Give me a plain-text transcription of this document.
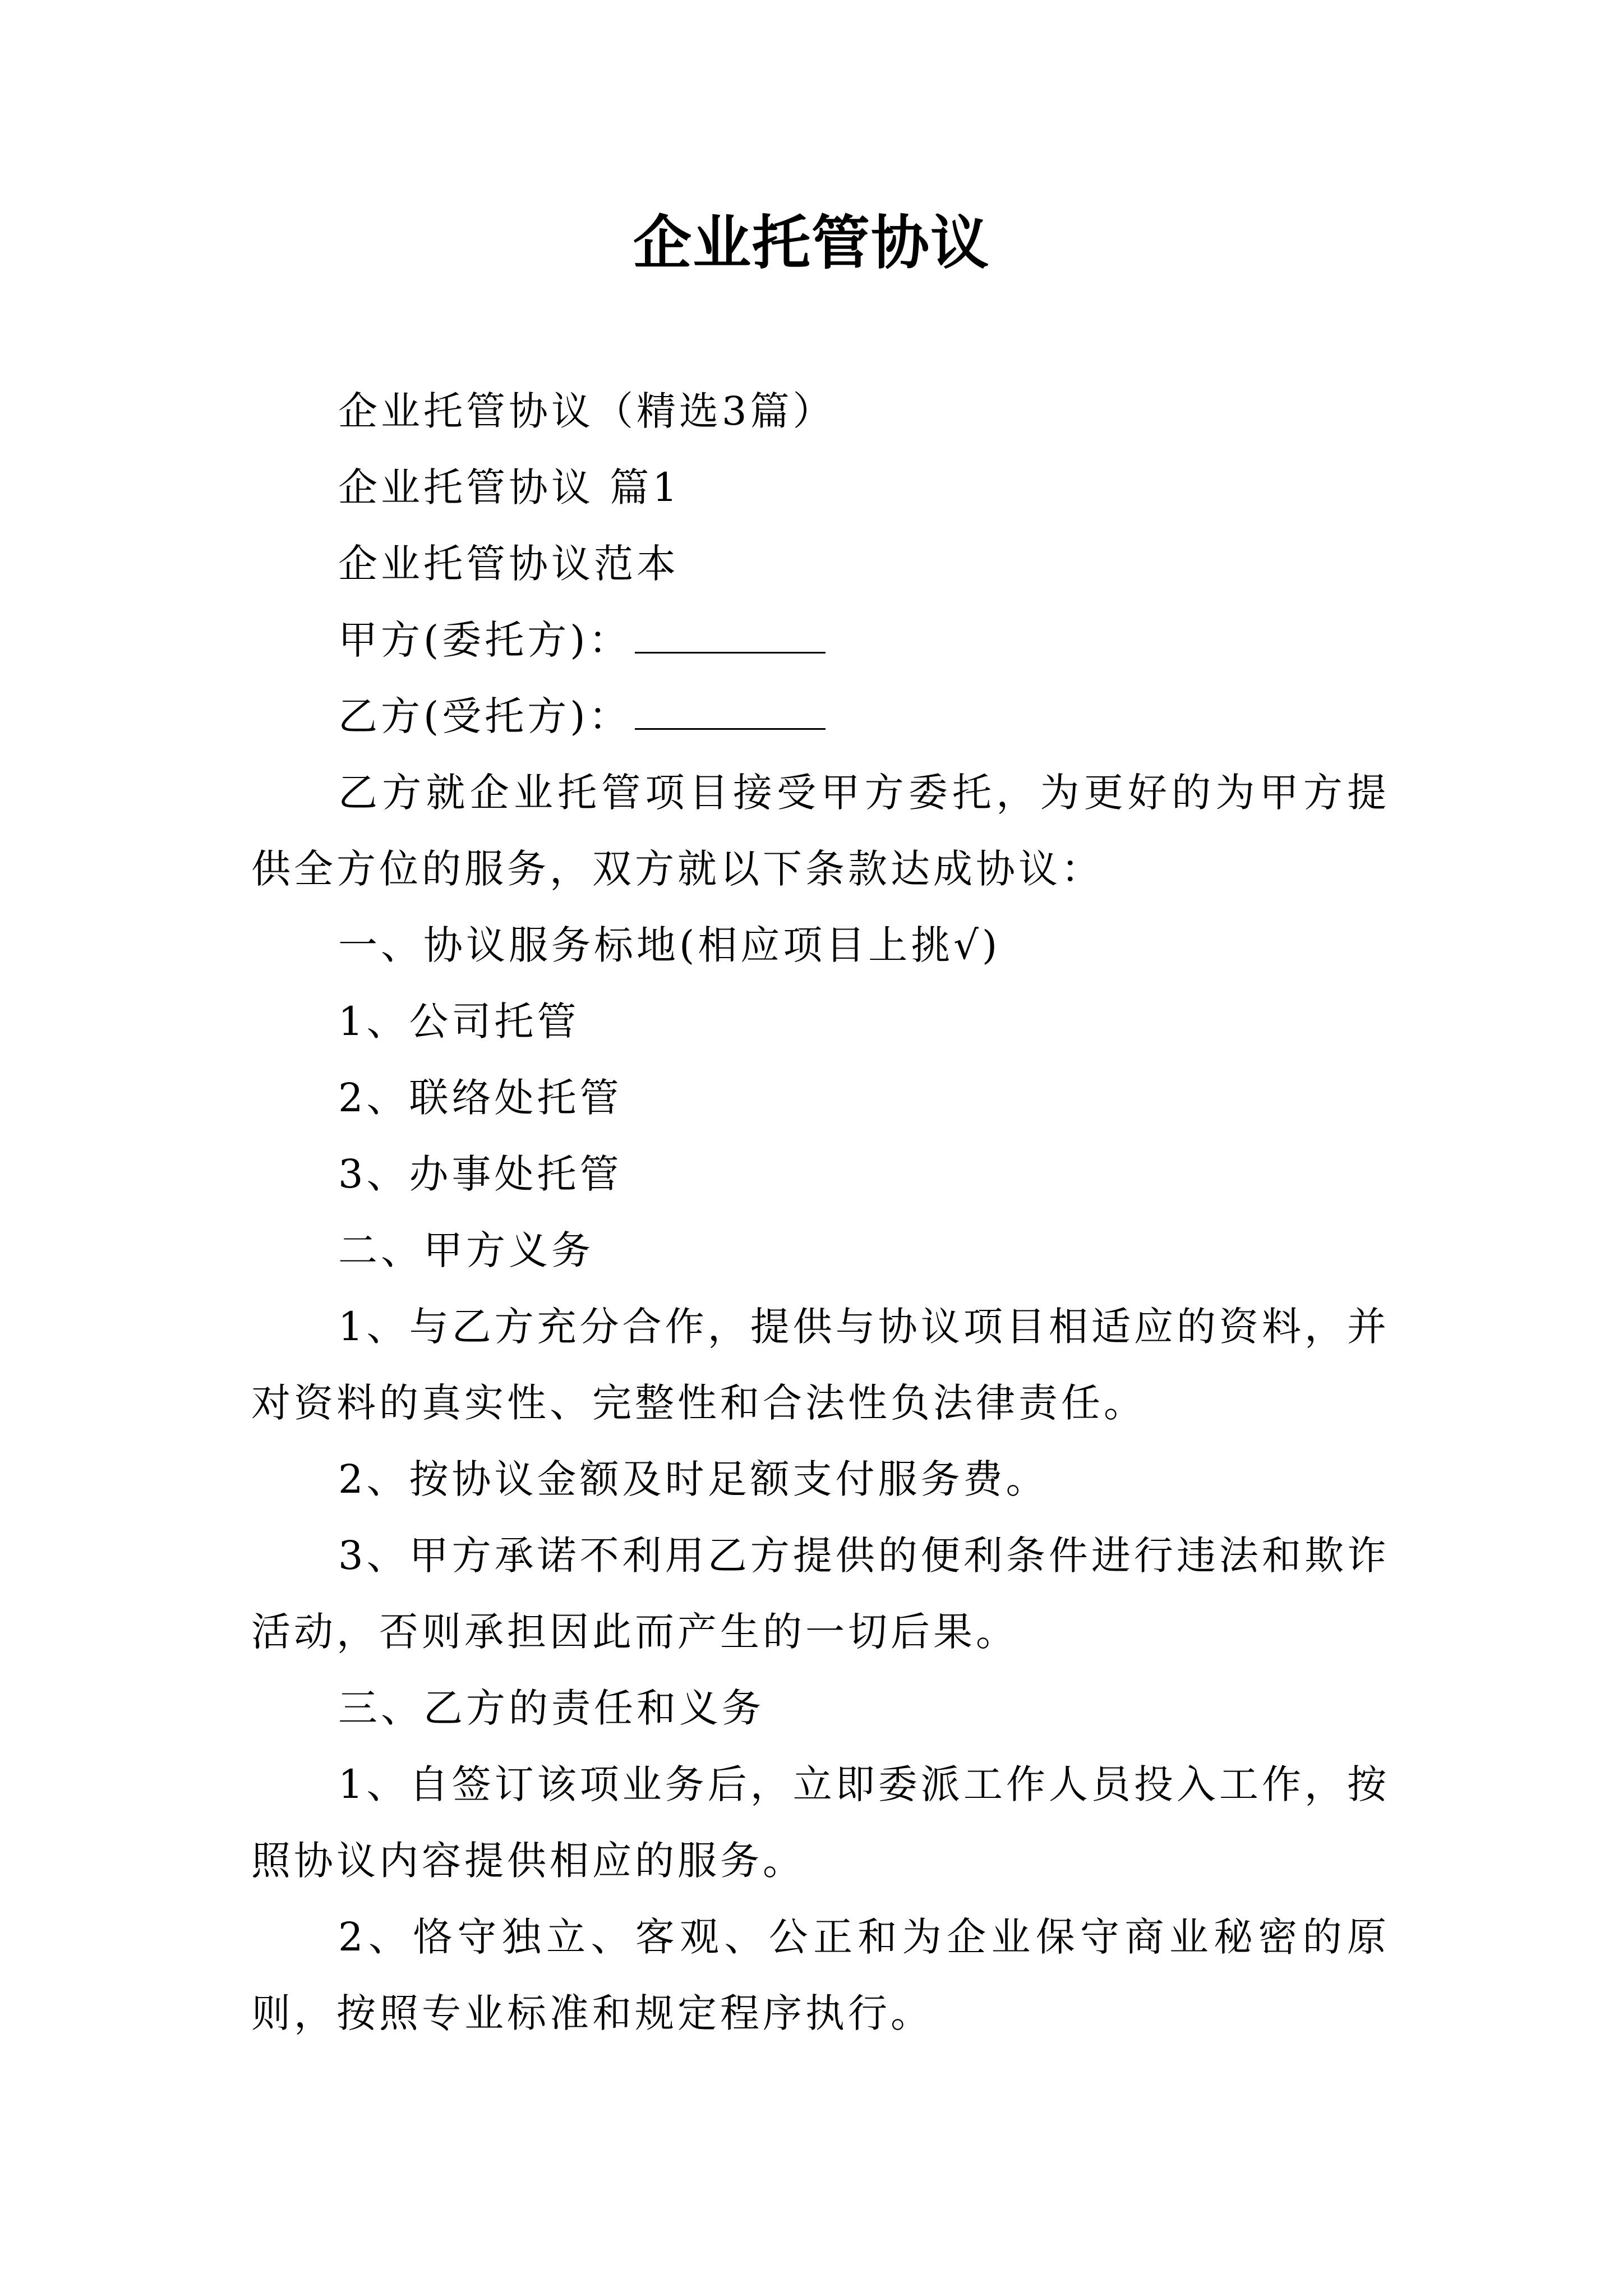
企业托管协议

企业托管协议（精选3篇）

企业托管协议 篇1

企业托管协议范本

甲方(委托方)：

乙方(受托方)：

乙方就企业托管项目接受甲方委托，为更好的为甲方提供全方位的服务，双方就以下条款达成协议：

一、协议服务标地(相应项目上挑√)

1、公司托管

2、联络处托管

3、办事处托管

二、甲方义务

1、与乙方充分合作，提供与协议项目相适应的资料，并对资料的真实性、完整性和合法性负法律责任。

2、按协议金额及时足额支付服务费。

3、甲方承诺不利用乙方提供的便利条件进行违法和欺诈活动，否则承担因此而产生的一切后果。

三、乙方的责任和义务

1、自签订该项业务后，立即委派工作人员投入工作，按照协议内容提供相应的服务。

2、恪守独立、客观、公正和为企业保守商业秘密的原则，按照专业标准和规定程序执行。
